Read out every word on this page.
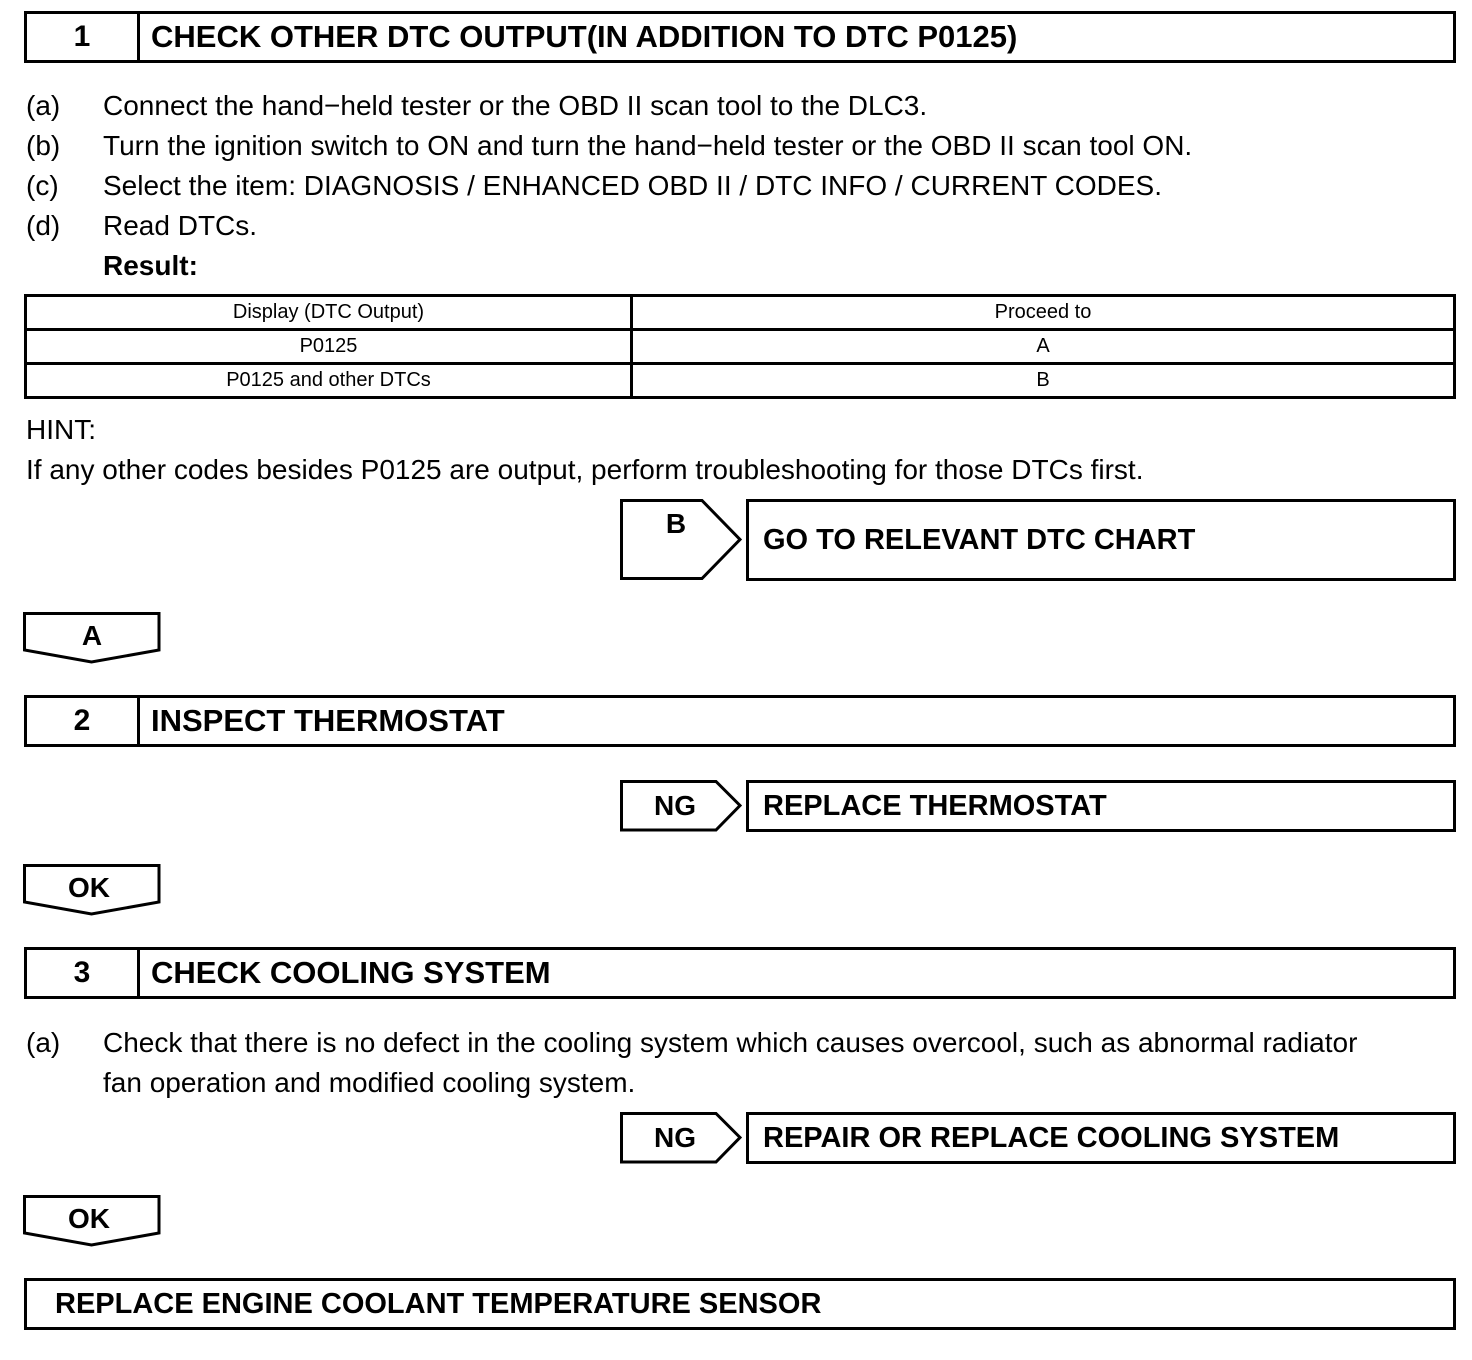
1	CHECK OTHER DTC OUTPUT(IN ADDITION TO DTC P0125)
(a) Connect the hand−held tester or the OBD II scan tool to the DLC3.
(b) Turn the ignition switch to ON and turn the hand−held tester or the OBD II scan tool ON.
(c) Select the item: DIAGNOSIS / ENHANCED OBD II / DTC INFO / CURRENT CODES.
(d) Read DTCs.
Result:
Display (DTC Output)	Proceed to
P0125	A
P0125 and other DTCs	B
HINT:
If any other codes besides P0125 are output, perform troubleshooting for those DTCs first.
B	GO TO RELEVANT DTC CHART
A
2	INSPECT THERMOSTAT
NG	REPLACE THERMOSTAT
OK
3	CHECK COOLING SYSTEM
(a) Check that there is no defect in the cooling system which causes overcool, such as abnormal radiator
fan operation and modified cooling system.
NG	REPAIR OR REPLACE COOLING SYSTEM
OK
REPLACE ENGINE COOLANT TEMPERATURE SENSOR
